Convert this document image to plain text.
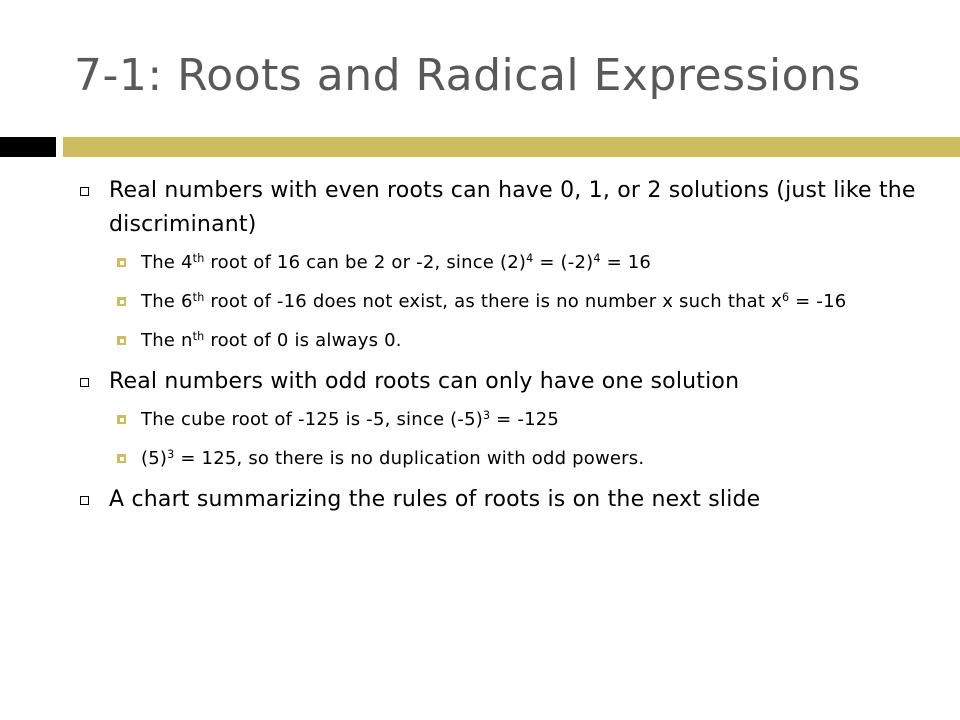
7-1: Roots and Radical Expressions
Real numbers with even roots can have 0, 1, or 2 solutions (just like the discriminant)
The 4th root of 16 can be 2 or -2, since $(2)^4 = (-2)^4 = 16$
The 6th root of -16 does not exist, as there is no number x such that $x^6 = -16$
The $n^{th}$ root of 0 is always 0.
Real numbers with odd roots can only have one solution
The cube root of -125 is -5, since $(-5)^3 = -125$
$(5)^3 = 125$, so there is no duplication with odd powers.
A chart summarizing the rules of roots is on the next slide
